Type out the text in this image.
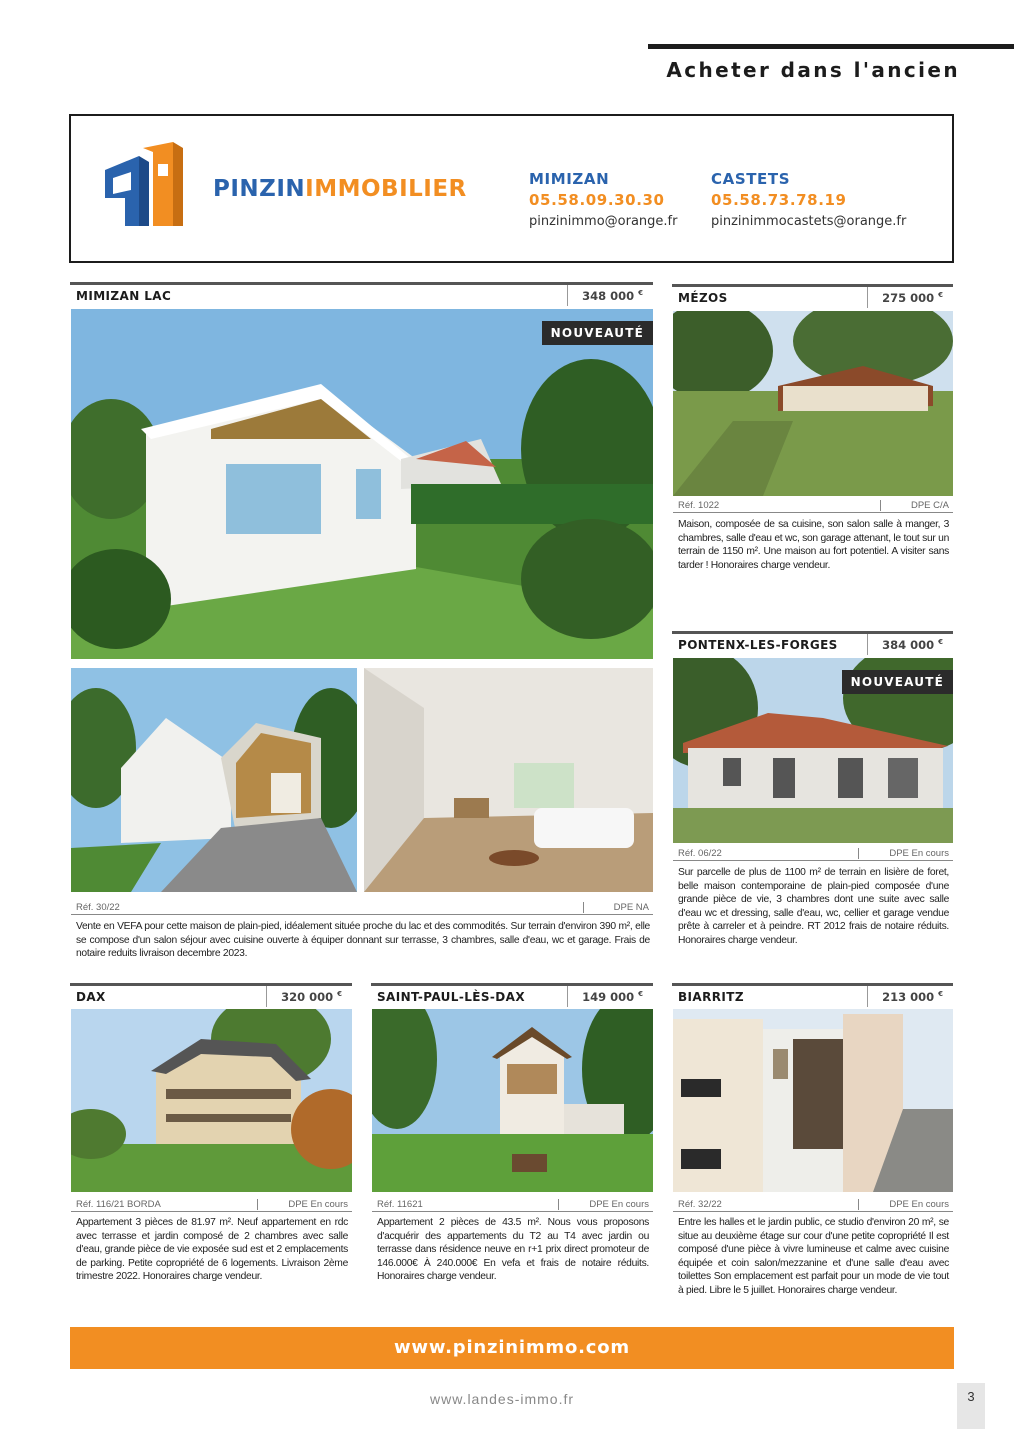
Acheter dans l'ancien
PINZINIMMOBILIER	MIMIZAN
05.58.09.30.30
pinzinimmo@orange.fr
CASTETS
05.58.73.78.19
pinzinimmocastets@orange.fr
MIMIZAN LAC	348 000 €
NOUVEAUTÉ
Réf. 30/22	DPE NA
Vente en VEFA pour cette maison de plain-pied, idéalement située proche du lac et des commodités. Sur terrain d'environ 390 m², elle se compose d'un salon séjour avec cuisine ouverte à équiper donnant sur terrasse, 3 chambres, salle d'eau, wc et garage. Frais de notaire reduits livraison decembre 2023.
MÉZOS	275 000 €
Réf. 1022	DPE C/A
Maison, composée de sa cuisine, son salon salle à manger, 3 chambres, salle d'eau et wc, son garage attenant, le tout sur un terrain de 1150 m². Une maison au fort potentiel. A visiter sans tarder ! Honoraires charge vendeur.
PONTENX-LES-FORGES	384 000 €
NOUVEAUTÉ
Réf. 06/22	DPE En cours
Sur parcelle de plus de 1100 m² de terrain en lisière de foret, belle maison contemporaine de plain-pied composée d'une grande pièce de vie, 3 chambres dont une suite avec salle d'eau wc et dressing, salle d'eau, wc, cellier et garage vendue prête à carreler et à peindre. RT 2012 frais de notaire réduits. Honoraires charge vendeur.
DAX	320 000 €
Réf. 116/21 BORDA	DPE En cours
Appartement 3 pièces de 81.97 m². Neuf appartement en rdc avec terrasse et jardin composé de 2 chambres avec salle d'eau, grande pièce de vie exposée sud est et 2 emplacements de parking. Petite copropriété de 6 logements. Livraison 2ème trimestre 2022. Honoraires charge vendeur.
SAINT-PAUL-LÈS-DAX	149 000 €
Réf. 11621	DPE En cours
Appartement 2 pièces de 43.5 m². Nous vous proposons d'acquérir des appartements du T2 au T4 avec jardin ou terrasse dans résidence neuve en r+1 prix direct promoteur de 146.000€ À 240.000€ En vefa et frais de notaire réduits. Honoraires charge vendeur.
BIARRITZ	213 000 €
Réf. 32/22	DPE En cours
Entre les halles et le jardin public, ce studio d'environ 20 m², se situe au deuxième étage sur cour d'une petite copropriété Il est composé d'une pièce à vivre lumineuse et calme avec cuisine équipée et coin salon/mezzanine et d'une salle d'eau avec toilettes Son emplacement est parfait pour un mode de vie tout à pied. Libre le 5 juillet. Honoraires charge vendeur.
www.pinzinimmo.com
www.landes-immo.fr	3
